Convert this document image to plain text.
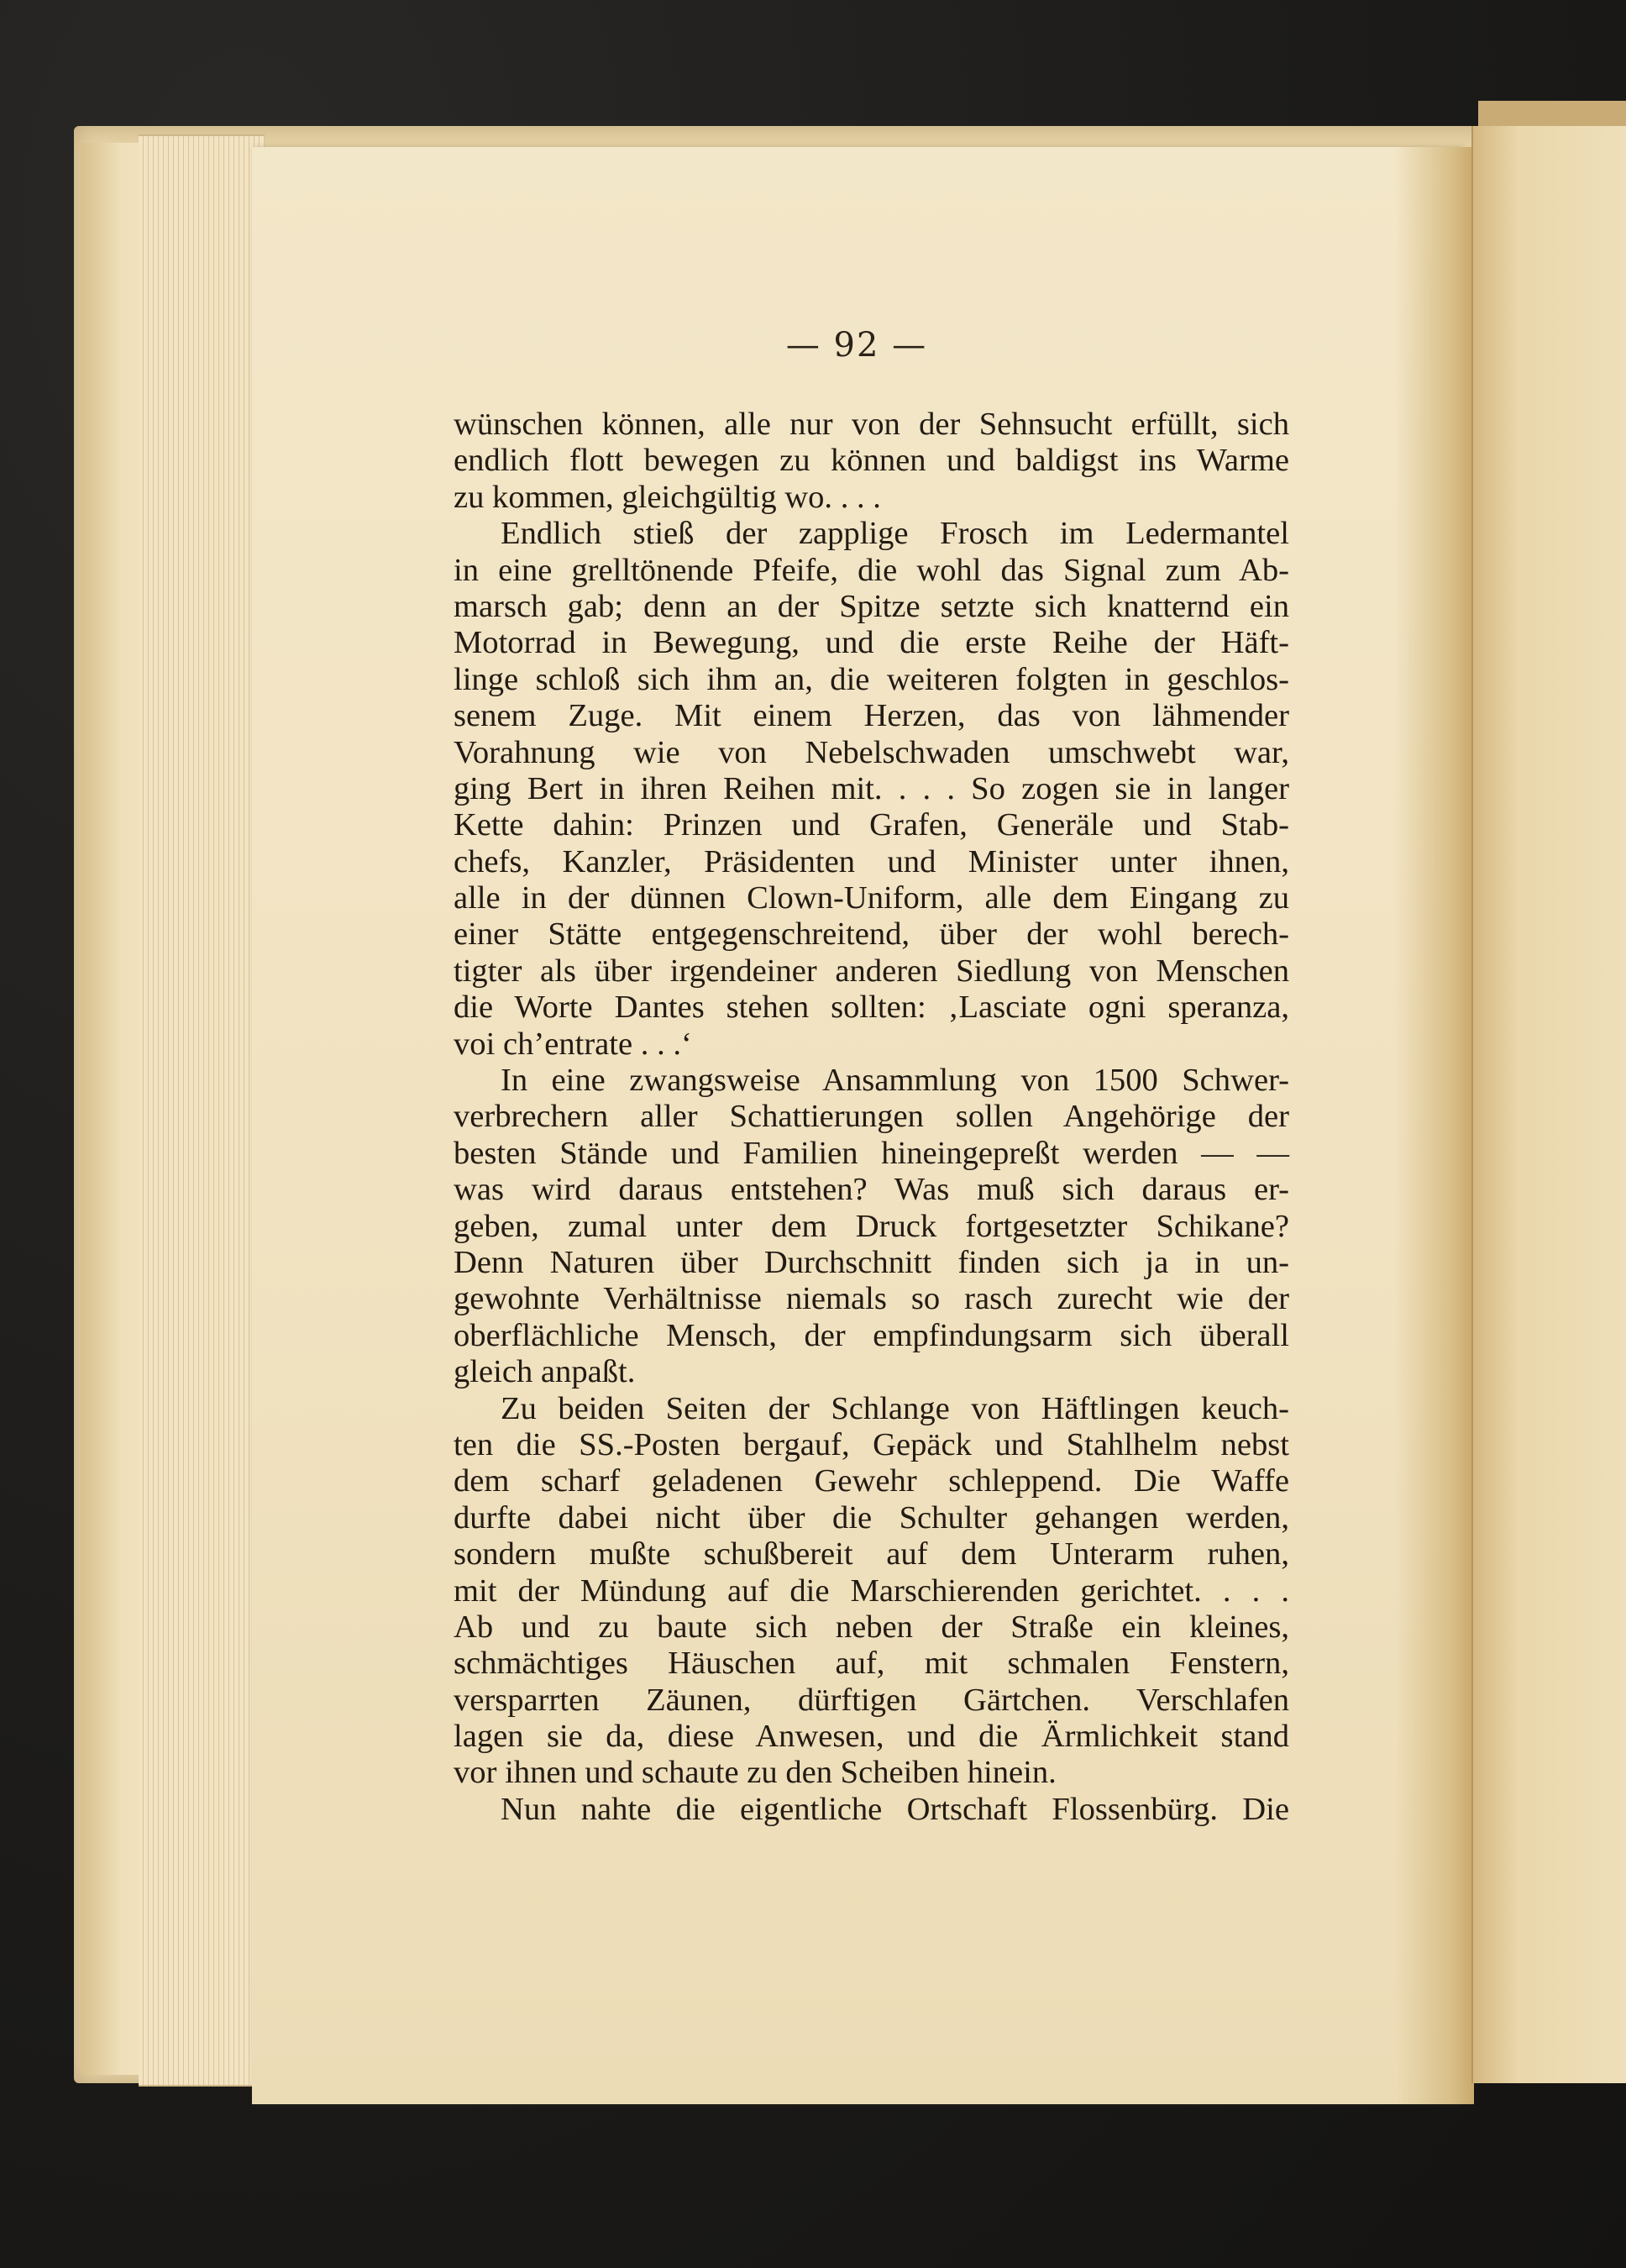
— 92 —
wünschen können, alle nur von der Sehnsucht erfüllt, sich
endlich flott bewegen zu können und baldigst ins Warme
zu kommen, gleichgültig wo. . . .
Endlich stieß der zapplige Frosch im Ledermantel
in eine grelltönende Pfeife, die wohl das Signal zum Ab-
marsch gab; denn an der Spitze setzte sich knatternd ein
Motorrad in Bewegung, und die erste Reihe der Häft-
linge schloß sich ihm an, die weiteren folgten in geschlos-
senem Zuge. Mit einem Herzen, das von lähmender
Vorahnung wie von Nebelschwaden umschwebt war,
ging Bert in ihren Reihen mit. . . . So zogen sie in langer
Kette dahin: Prinzen und Grafen, Generäle und Stab-
chefs, Kanzler, Präsidenten und Minister unter ihnen,
alle in der dünnen Clown-Uniform, alle dem Eingang zu
einer Stätte entgegenschreitend, über der wohl berech-
tigter als über irgendeiner anderen Siedlung von Menschen
die Worte Dantes stehen sollten: ‚Lasciate ogni speranza,
voi ch’entrate . . .‘
In eine zwangsweise Ansammlung von 1500 Schwer-
verbrechern aller Schattierungen sollen Angehörige der
besten Stände und Familien hineingepreßt werden — —
was wird daraus entstehen? Was muß sich daraus er-
geben, zumal unter dem Druck fortgesetzter Schikane?
Denn Naturen über Durchschnitt finden sich ja in un-
gewohnte Verhältnisse niemals so rasch zurecht wie der
oberflächliche Mensch, der empfindungsarm sich überall
gleich anpaßt.
Zu beiden Seiten der Schlange von Häftlingen keuch-
ten die SS.-Posten bergauf, Gepäck und Stahlhelm nebst
dem scharf geladenen Gewehr schleppend. Die Waffe
durfte dabei nicht über die Schulter gehangen werden,
sondern mußte schußbereit auf dem Unterarm ruhen,
mit der Mündung auf die Marschierenden gerichtet. . . .
Ab und zu baute sich neben der Straße ein kleines,
schmächtiges Häuschen auf, mit schmalen Fenstern,
versparrten Zäunen, dürftigen Gärtchen. Verschlafen
lagen sie da, diese Anwesen, und die Ärmlichkeit stand
vor ihnen und schaute zu den Scheiben hinein.
Nun nahte die eigentliche Ortschaft Flossenbürg. Die
